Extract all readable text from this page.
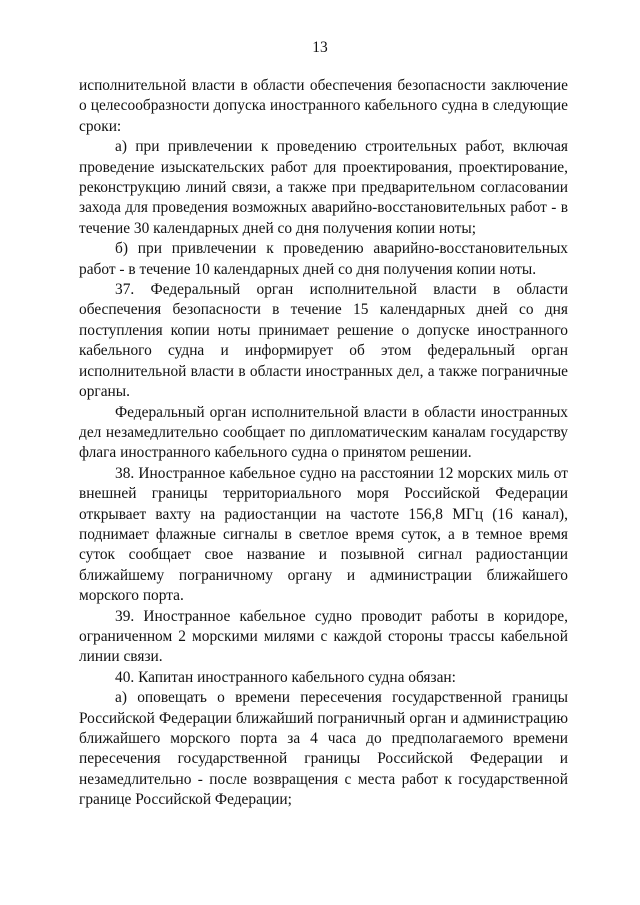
13

исполнительной власти в области обеспечения безопасности заключение о целесообразности допуска иностранного кабельного судна в следующие сроки:

а) при привлечении к проведению строительных работ, включая проведение изыскательских работ для проектирования, проектирование, реконструкцию линий связи, а также при предварительном согласовании захода для проведения возможных аварийно-восстановительных работ - в течение 30 календарных дней со дня получения копии ноты;

б) при привлечении к проведению аварийно-восстановительных работ - в течение 10 календарных дней со дня получения копии ноты.

37. Федеральный орган исполнительной власти в области обеспечения безопасности в течение 15 календарных дней со дня поступления копии ноты принимает решение о допуске иностранного кабельного судна и информирует об этом федеральный орган исполнительной власти в области иностранных дел, а также пограничные органы.

Федеральный орган исполнительной власти в области иностранных дел незамедлительно сообщает по дипломатическим каналам государству флага иностранного кабельного судна о принятом решении.

38. Иностранное кабельное судно на расстоянии 12 морских миль от внешней границы территориального моря Российской Федерации открывает вахту на радиостанции на частоте 156,8 МГц (16 канал), поднимает флажные сигналы в светлое время суток, а в темное время суток сообщает свое название и позывной сигнал радиостанции ближайшему пограничному органу и администрации ближайшего морского порта.

39. Иностранное кабельное судно проводит работы в коридоре, ограниченном 2 морскими милями с каждой стороны трассы кабельной линии связи.

40. Капитан иностранного кабельного судна обязан:

а) оповещать о времени пересечения государственной границы Российской Федерации ближайший пограничный орган и администрацию ближайшего морского порта за 4 часа до предполагаемого времени пересечения государственной границы Российской Федерации и незамедлительно - после возвращения с места работ к государственной границе Российской Федерации;
